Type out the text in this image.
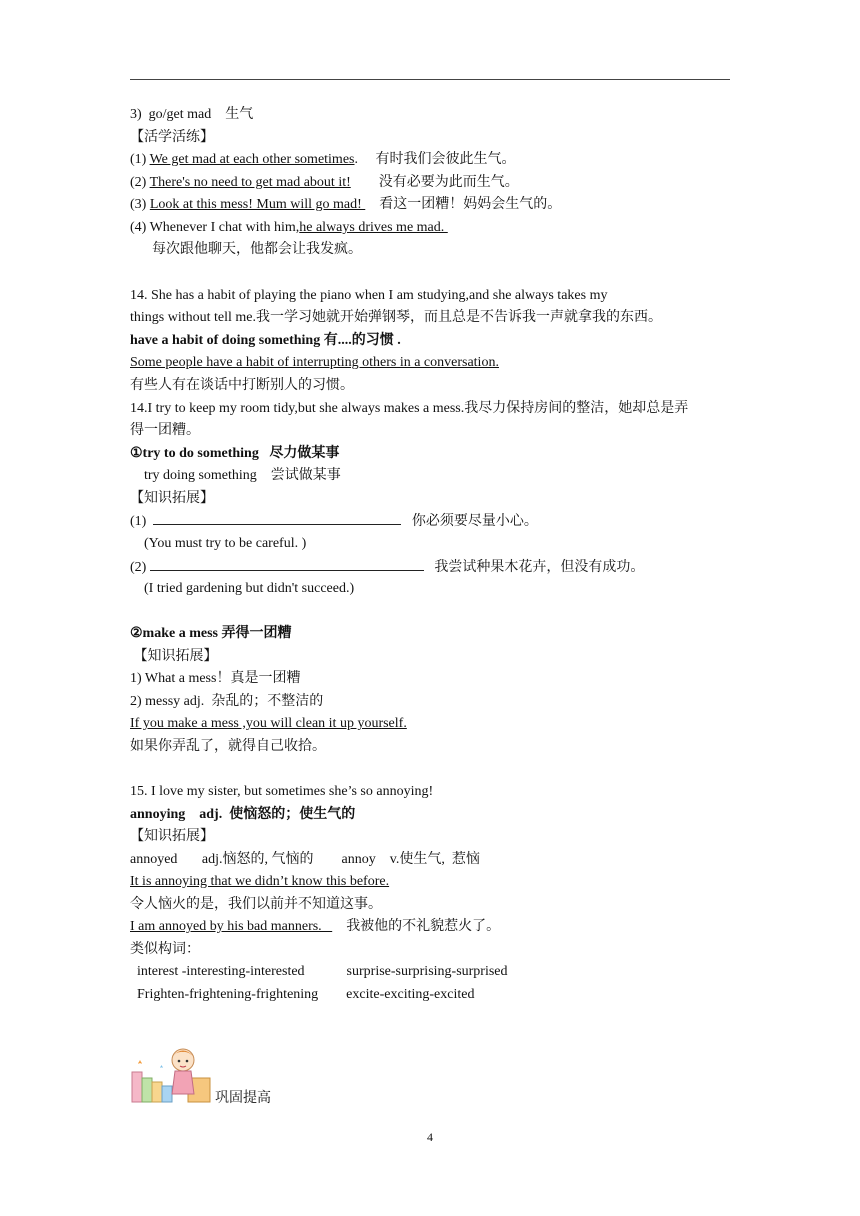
3)  go/get mad    生气
【活学活练】
(1) We get mad at each other sometimes.     有时我们会彼此生气。
(2) There's no need to get mad about it! 没有必要为此而生气。
(3) Look at this mess! Mum will go mad!     看这一团糟！妈妈会生气的。
(4) Whenever I chat with him,he always drives me mad.
每次跟他聊天，他都会让我发疯。
14. She has a habit of playing the piano when I am studying,and she always takes my
things without tell me.我一学习她就开始弹钢琴，而且总是不告诉我一声就拿我的东西。
have a habit of doing something 有....的习惯 .
Some people have a habit of interrupting others in a conversation.
有些人有在谈话中打断别人的习惯。
14.I try to keep my room tidy,but she always makes a mess.我尽力保持房间的整洁，她却总是弄
得一团糟。
①try to do something   尽力做某事
try doing something    尝试做某事
【知识拓展】
(1)	你必须要尽量小心。
(You must try to be careful. )
(2)	我尝试种果木花卉，但没有成功。
(I tried gardening but didn't succeed.)
②make a mess 弄得一团糟
【知识拓展】
1) What a mess！真是一团糟
2) messy adj.  杂乱的；不整洁的
If you make a mess ,you will clean it up yourself.
如果你弄乱了，就得自己收拾。
15. I love my sister, but sometimes she’s so annoying!
annoying    adj.  使恼怒的；使生气的
【知识拓展】
annoyed       adj.恼怒的, 气恼的        annoy    v.使生气,  惹恼
It is annoying that we didn’t know this before.
令人恼火的是，我们以前并不知道这事。
I am annoyed by his bad manners.       我被他的不礼貌惹火了。
类似构词：
interest -interesting-interested            surprise-surprising-surprised
Frighten-frightening-frightening        excite-exciting-excited
巩固提高
4
